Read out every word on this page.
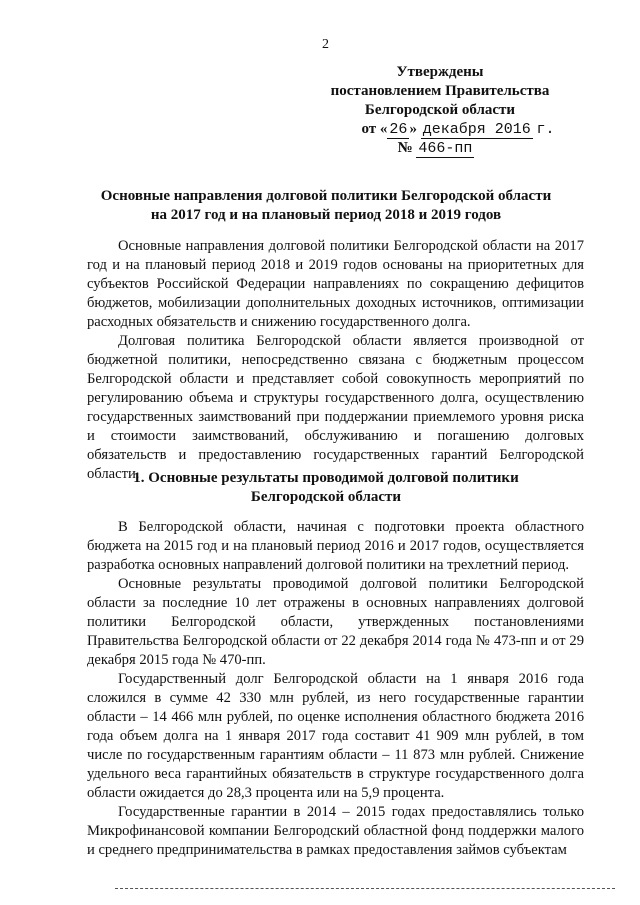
2
Утверждены
постановлением Правительства
Белгородской области
от « 26 » декабря 2016 г.
№ 466-пп
Основные направления долговой политики Белгородской области
на 2017 год и на плановый период 2018 и 2019 годов

Основные направления долговой политики Белгородской области на 2017 год и на плановый период 2018 и 2019 годов основаны на приоритетных для субъектов Российской Федерации направлениях по сокращению дефицитов бюджетов, мобилизации дополнительных доходных источников, оптимизации расходных обязательств и снижению государственного долга.

Долговая политика Белгородской области является производной от бюджетной политики, непосредственно связана с бюджетным процессом Белгородской области и представляет собой совокупность мероприятий по регулированию объема и структуры государственного долга, осуществлению государственных заимствований при поддержании приемлемого уровня риска и стоимости заимствований, обслуживанию и погашению долговых обязательств и предоставлению государственных гарантий Белгородской области.

1. Основные результаты проводимой долговой политики
Белгородской области

В Белгородской области, начиная с подготовки проекта областного бюджета на 2015 год и на плановый период 2016 и 2017 годов, осуществляется разработка основных направлений долговой политики на трехлетний период.

Основные результаты проводимой долговой политики Белгородской области за последние 10 лет отражены в основных направлениях долговой политики Белгородской области, утвержденных постановлениями Правительства Белгородской области от 22 декабря 2014 года № 473-пп и от 29 декабря 2015 года № 470-пп.

Государственный долг Белгородской области на 1 января 2016 года сложился в сумме 42 330 млн рублей, из него государственные гарантии области – 14 466 млн рублей, по оценке исполнения областного бюджета 2016 года объем долга на 1 января 2017 года составит 41 909 млн рублей, в том числе по государственным гарантиям области – 11 873 млн рублей. Снижение удельного веса гарантийных обязательств в структуре государственного долга области ожидается до 28,3 процента или на 5,9 процента.

Государственные гарантии в 2014 – 2015 годах предоставлялись только Микрофинансовой компании Белгородский областной фонд поддержки малого и среднего предпринимательства в рамках предоставления займов субъектам
